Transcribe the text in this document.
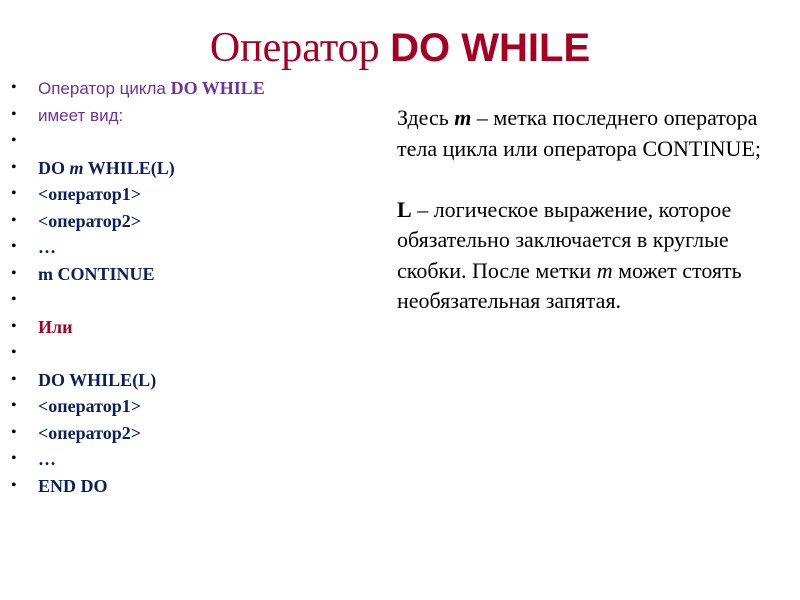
Оператор DO WHILE
• Оператор цикла DO WHILE
• имеет вид:
•
• DO m WHILE(L)
• <оператор1>
• <оператор2>
• …
• m CONTINUE
•
• Или
•
• DO WHILE(L)
• <оператор1>
• <оператор2>
• …
• END DO

Здесь m – метка последнего оператора тела цикла или оператора CONTINUE;

L – логическое выражение, которое обязательно заключается в круглые скобки. После метки m может стоять необязательная запятая.
